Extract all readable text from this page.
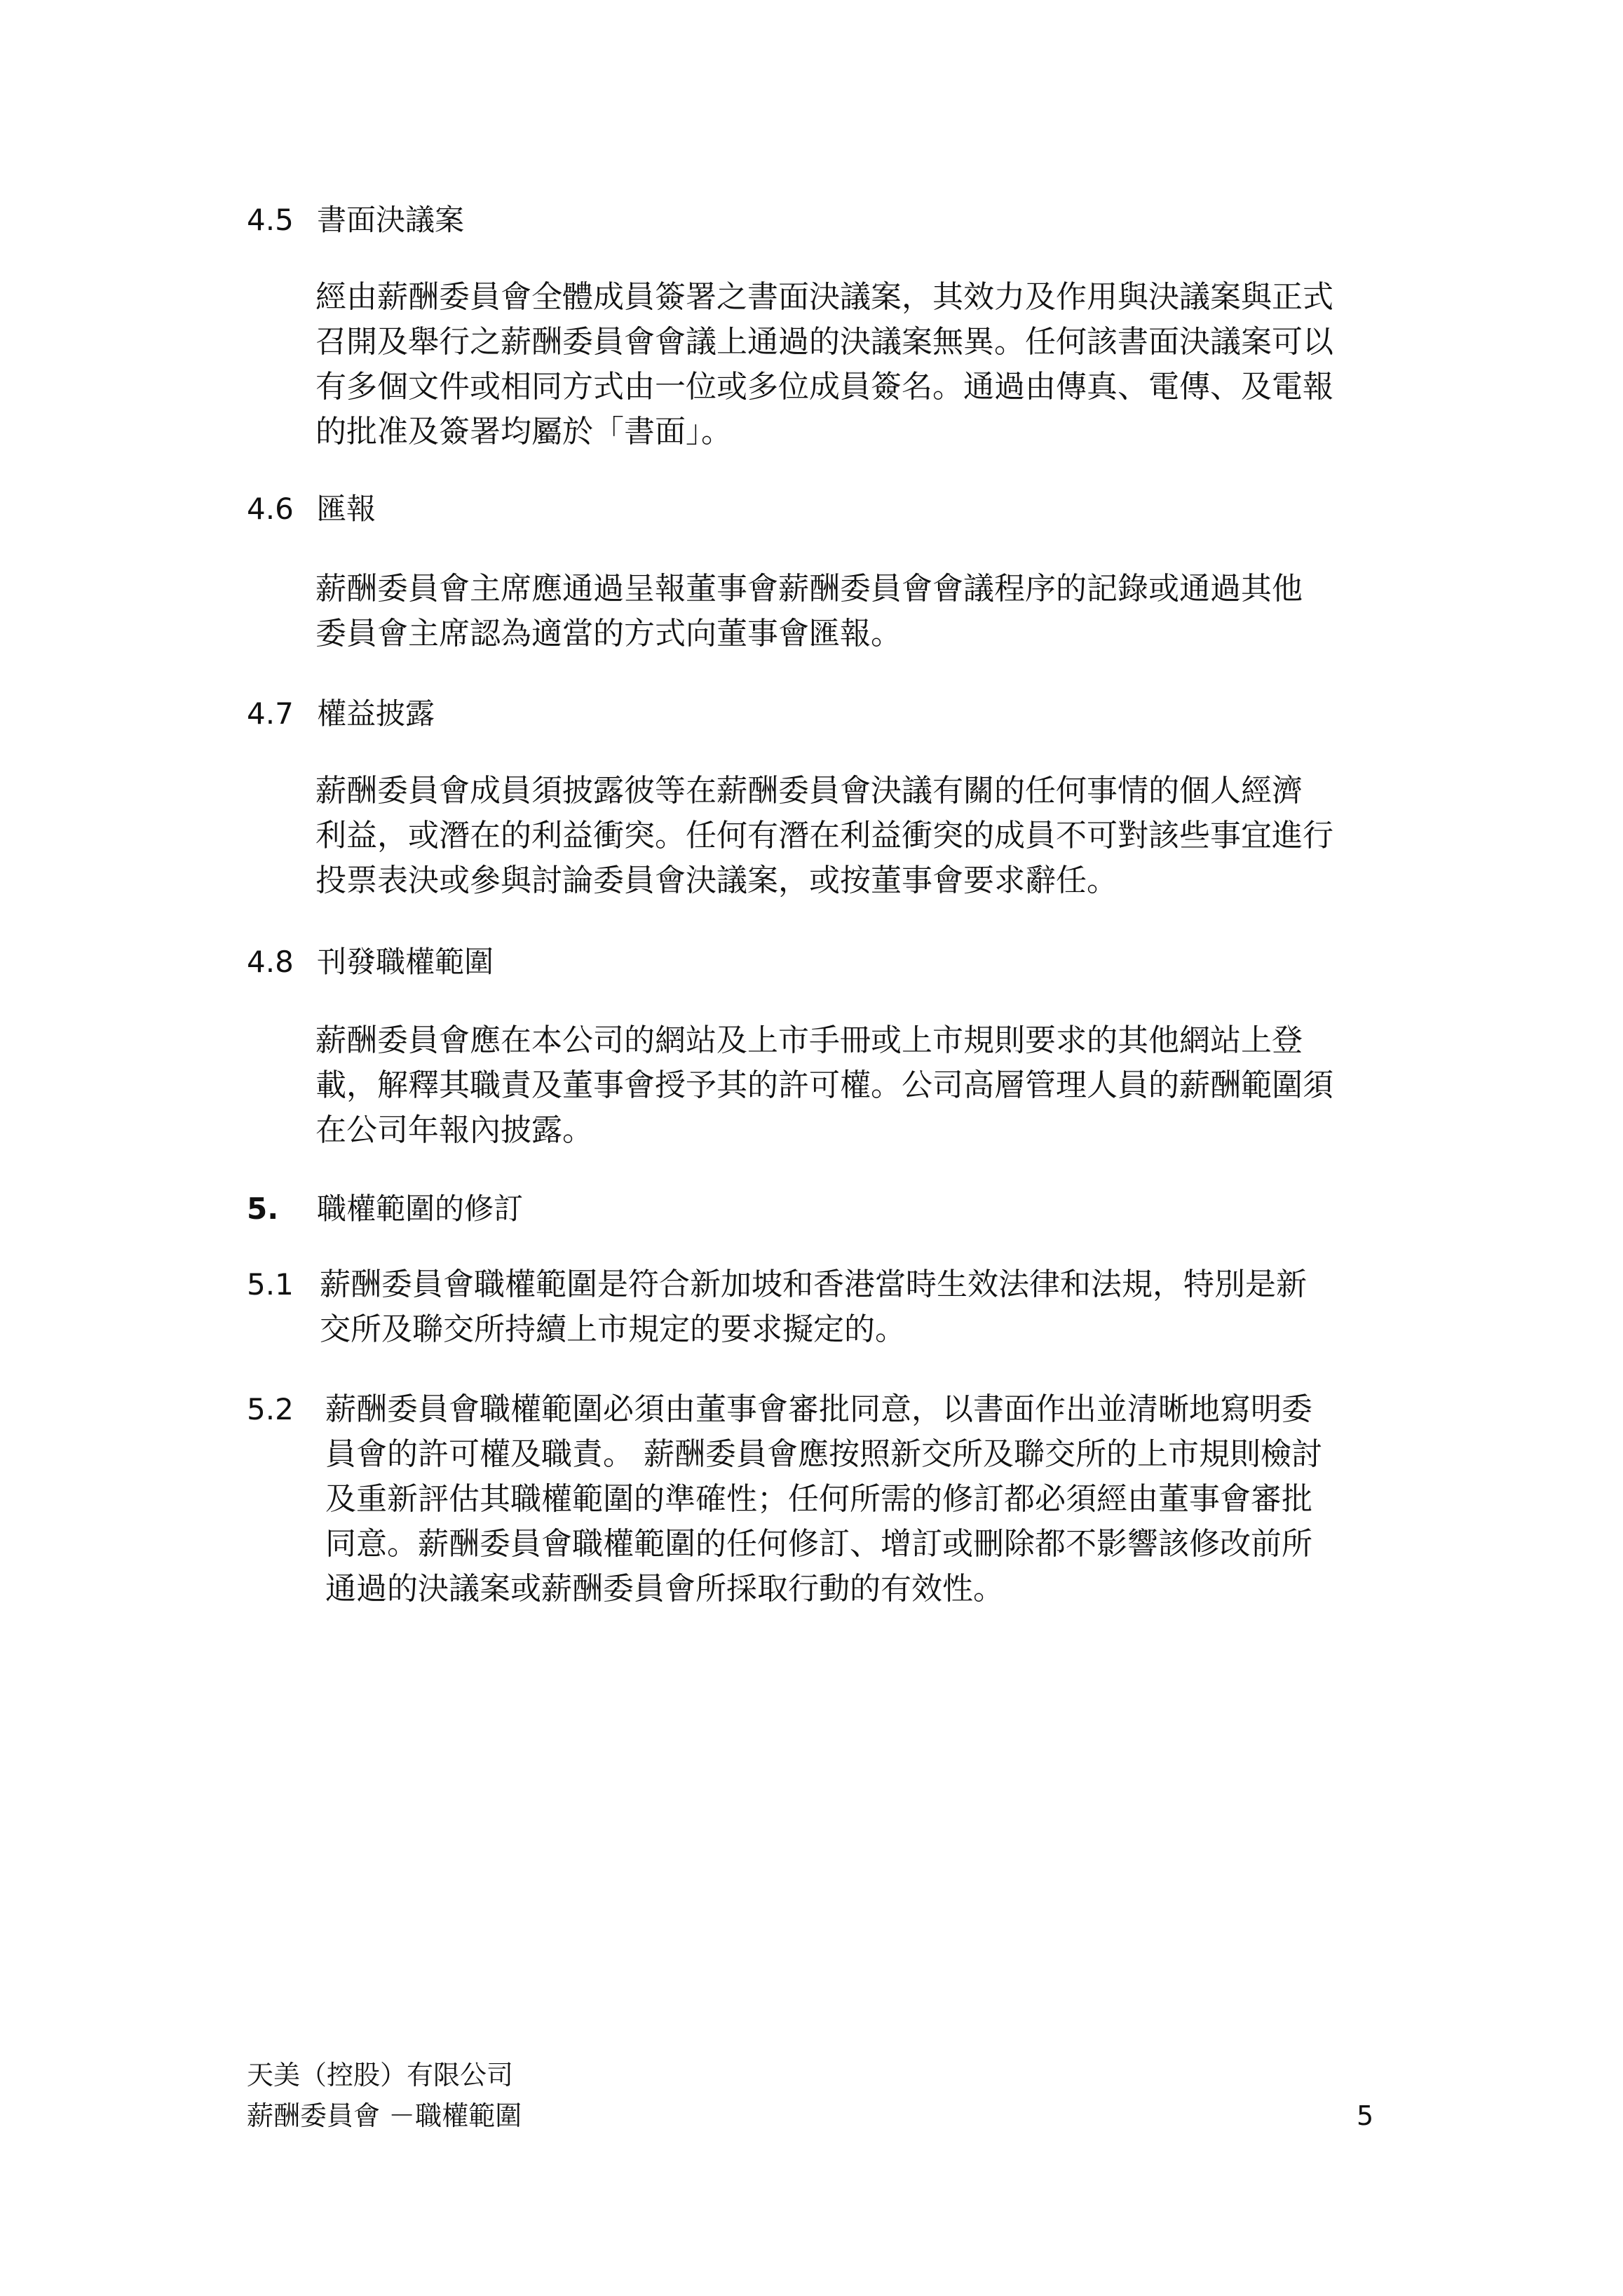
4.5 書面決議案
經由薪酬委員會全體成員簽署之書面決議案，其效力及作用與決議案與正式
召開及舉行之薪酬委員會會議上通過的決議案無異。任何該書面決議案可以
有多個文件或相同方式由一位或多位成員簽名。通過由傳真、電傳、及電報
的批准及簽署均屬於「書面」。
4.6 匯報
薪酬委員會主席應通過呈報董事會薪酬委員會會議程序的記錄或通過其他
委員會主席認為適當的方式向董事會匯報。
4.7 權益披露
薪酬委員會成員須披露彼等在薪酬委員會決議有關的任何事情的個人經濟
利益，或潛在的利益衝突。任何有潛在利益衝突的成員不可對該些事宜進行
投票表決或參與討論委員會決議案，或按董事會要求辭任。
4.8 刊發職權範圍
薪酬委員會應在本公司的網站及上市手冊或上市規則要求的其他網站上登
載，解釋其職責及董事會授予其的許可權。公司高層管理人員的薪酬範圍須
在公司年報內披露。
5. 職權範圍的修訂
5.1 薪酬委員會職權範圍是符合新加坡和香港當時生效法律和法規，特別是新
交所及聯交所持續上市規定的要求擬定的。
5.2 薪酬委員會職權範圍必須由董事會審批同意，以書面作出並清晰地寫明委
員會的許可權及職責。 薪酬委員會應按照新交所及聯交所的上市規則檢討
及重新評估其職權範圍的準確性；任何所需的修訂都必須經由董事會審批
同意。薪酬委員會職權範圍的任何修訂、增訂或刪除都不影響該修改前所
通過的決議案或薪酬委員會所採取行動的有效性。
天美（控股）有限公司
薪酬委員會 －職權範圍	5
